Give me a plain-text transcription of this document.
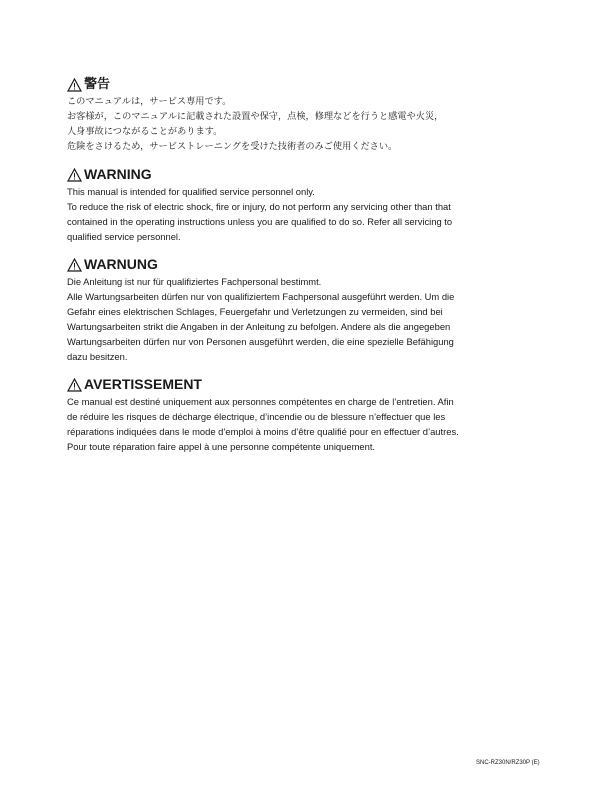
警告
このマニュアルは，サービス専用です。
お客様が，このマニュアルに記載された設置や保守，点検，修理などを行うと感電や火災，
人身事故につながることがあります。
危険をさけるため，サービストレーニングを受けた技術者のみご使用ください。
WARNING
This manual is intended for qualified service personnel only.
To reduce the risk of electric shock, fire or injury, do not perform any servicing other than that
contained in the operating instructions unless you are qualified to do so. Refer all servicing to
qualified service personnel.
WARNUNG
Die Anleitung ist nur für qualifiziertes Fachpersonal bestimmt.
Alle Wartungsarbeiten dürfen nur von qualifiziertem Fachpersonal ausgeführt werden. Um die
Gefahr eines elektrischen Schlages, Feuergefahr und Verletzungen zu vermeiden, sind bei
Wartungsarbeiten strikt die Angaben in der Anleitung zu befolgen. Andere als die angegeben
Wartungsarbeiten dürfen nur von Personen ausgeführt werden, die eine spezielle Befähigung
dazu besitzen.
AVERTISSEMENT
Ce manual est destiné uniquement aux personnes compétentes en charge de l’entretien. Afin
de réduire les risques de décharge électrique, d’incendie ou de blessure n’effectuer que les
réparations indiquées dans le mode d’emploi à moins d’être qualifié pour en effectuer d’autres.
Pour toute réparation faire appel à une personne compétente uniquement.
SNC-RZ30N/RZ30P (E)
